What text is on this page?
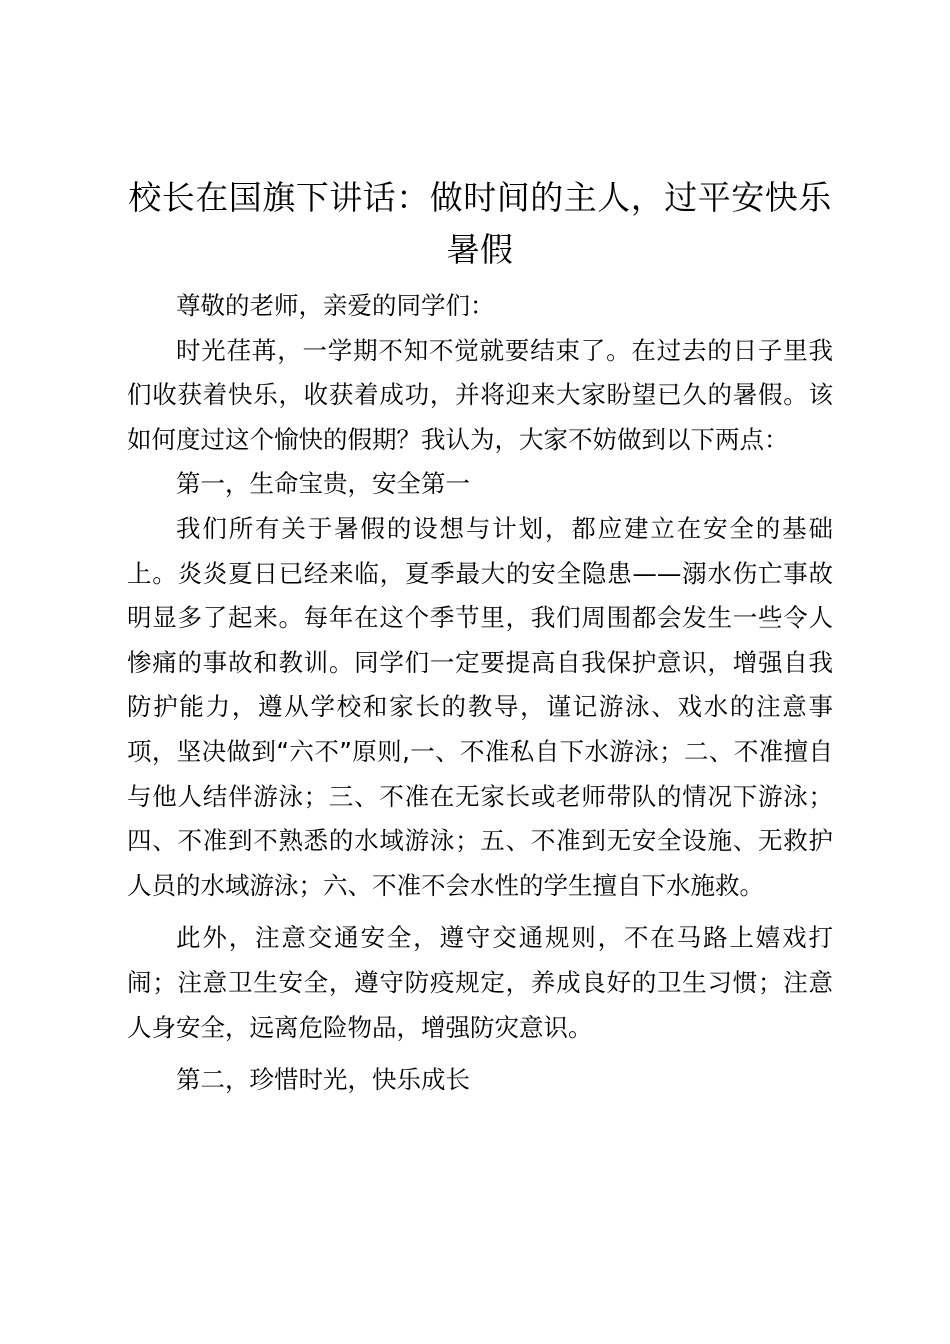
校长在国旗下讲话：做时间的主人，过平安快乐暑假

尊敬的老师，亲爱的同学们：

时光荏苒，一学期不知不觉就要结束了。在过去的日子里我们收获着快乐，收获着成功，并将迎来大家盼望已久的暑假。该如何度过这个愉快的假期？我认为，大家不妨做到以下两点：

第一，生命宝贵，安全第一

我们所有关于暑假的设想与计划，都应建立在安全的基础上。炎炎夏日已经来临，夏季最大的安全隐患——溺水伤亡事故明显多了起来。每年在这个季节里，我们周围都会发生一些令人惨痛的事故和教训。同学们一定要提高自我保护意识，增强自我防护能力，遵从学校和家长的教导，谨记游泳、戏水的注意事项，坚决做到“六不”原则,一、不准私自下水游泳；二、不准擅自与他人结伴游泳；三、不准在无家长或老师带队的情况下游泳；四、不准到不熟悉的水域游泳；五、不准到无安全设施、无救护人员的水域游泳；六、不准不会水性的学生擅自下水施救。

此外，注意交通安全，遵守交通规则，不在马路上嬉戏打闹；注意卫生安全，遵守防疫规定，养成良好的卫生习惯；注意人身安全，远离危险物品，增强防灾意识。

第二，珍惜时光，快乐成长
